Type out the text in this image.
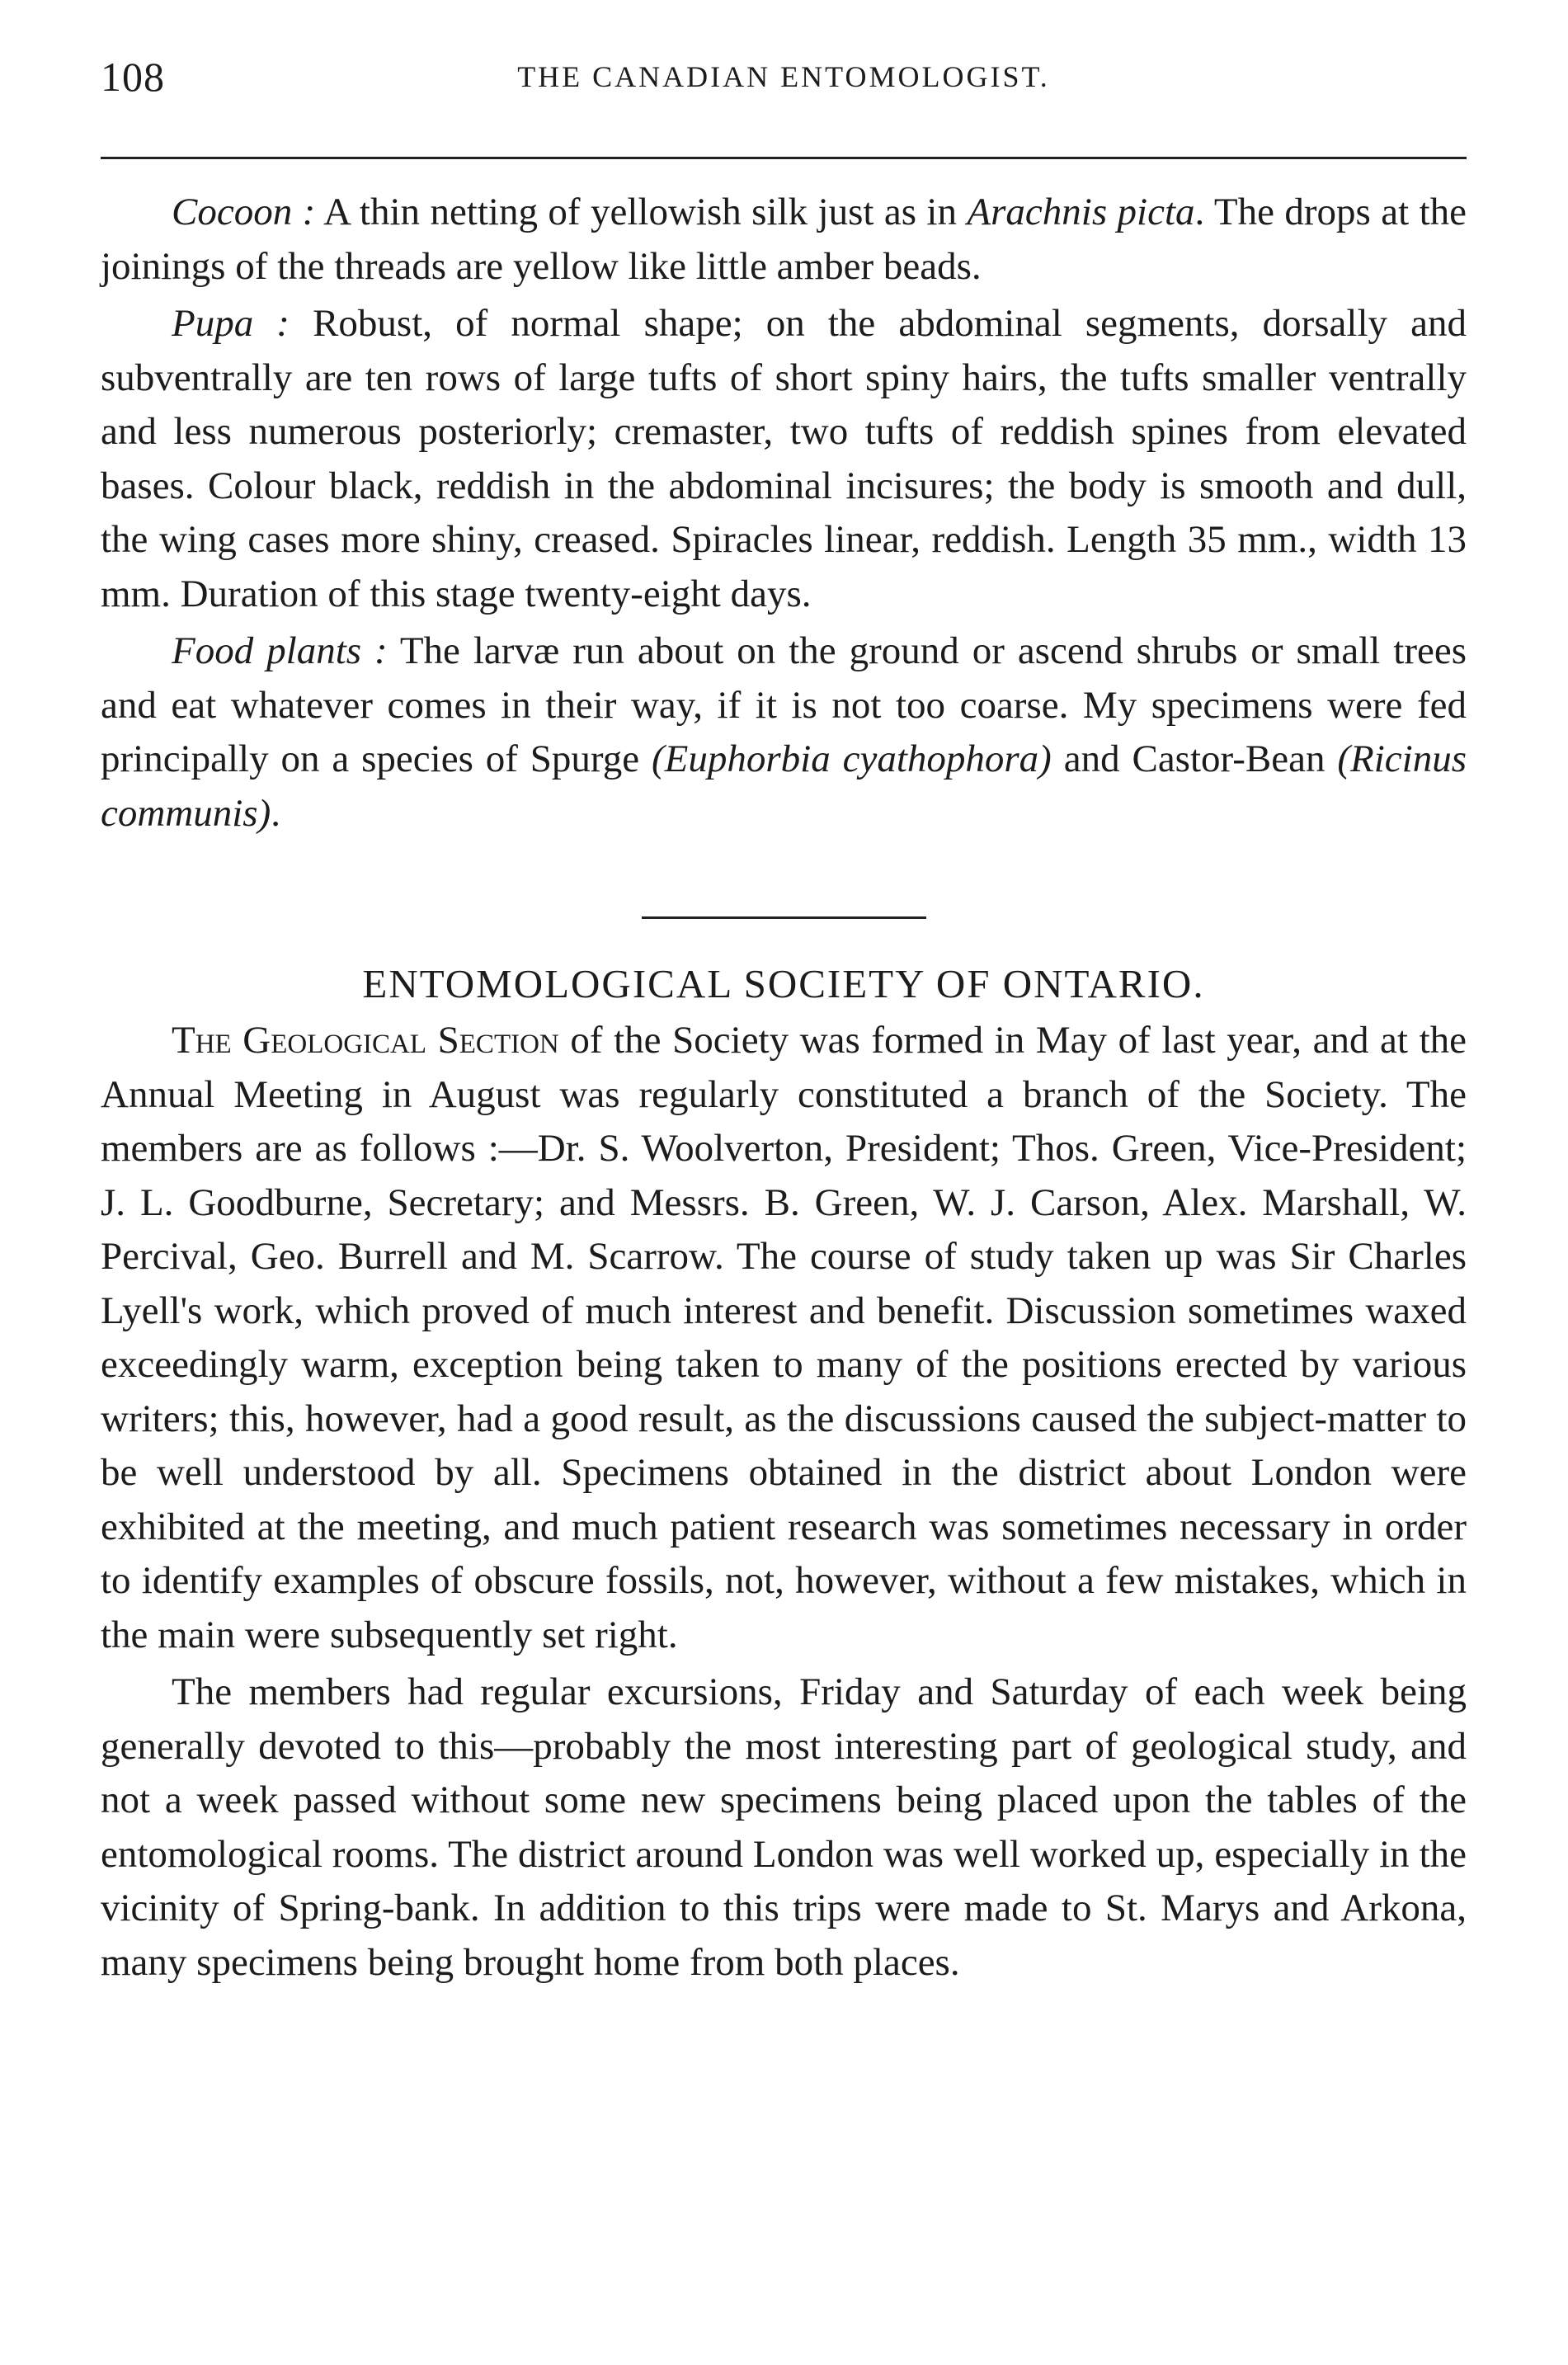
108	THE CANADIAN ENTOMOLOGIST.

Cocoon : A thin netting of yellowish silk just as in Arachnis picta. The drops at the joinings of the threads are yellow like little amber beads.

Pupa : Robust, of normal shape; on the abdominal segments, dorsally and subventrally are ten rows of large tufts of short spiny hairs, the tufts smaller ventrally and less numerous posteriorly; cremaster, two tufts of reddish spines from elevated bases. Colour black, reddish in the abdominal incisures; the body is smooth and dull, the wing cases more shiny, creased. Spiracles linear, reddish. Length 35 mm., width 13 mm. Duration of this stage twenty-eight days.

Food plants : The larvæ run about on the ground or ascend shrubs or small trees and eat whatever comes in their way, if it is not too coarse. My specimens were fed principally on a species of Spurge (Euphorbia cyathophora) and Castor-Bean (Ricinus communis).

ENTOMOLOGICAL SOCIETY OF ONTARIO.

The Geological Section of the Society was formed in May of last year, and at the Annual Meeting in August was regularly constituted a branch of the Society. The members are as follows :—Dr. S. Woolverton, President; Thos. Green, Vice-President; J. L. Goodburne, Secretary; and Messrs. B. Green, W. J. Carson, Alex. Marshall, W. Percival, Geo. Burrell and M. Scarrow. The course of study taken up was Sir Charles Lyell's work, which proved of much interest and benefit. Discussion sometimes waxed exceedingly warm, exception being taken to many of the positions erected by various writers; this, however, had a good result, as the discussions caused the subject-matter to be well understood by all. Specimens obtained in the district about London were exhibited at the meeting, and much patient research was sometimes necessary in order to identify examples of obscure fossils, not, however, without a few mistakes, which in the main were subsequently set right.

The members had regular excursions, Friday and Saturday of each week being generally devoted to this—probably the most interesting part of geological study, and not a week passed without some new specimens being placed upon the tables of the entomological rooms. The district around London was well worked up, especially in the vicinity of Spring-bank. In addition to this trips were made to St. Marys and Arkona, many specimens being brought home from both places.
